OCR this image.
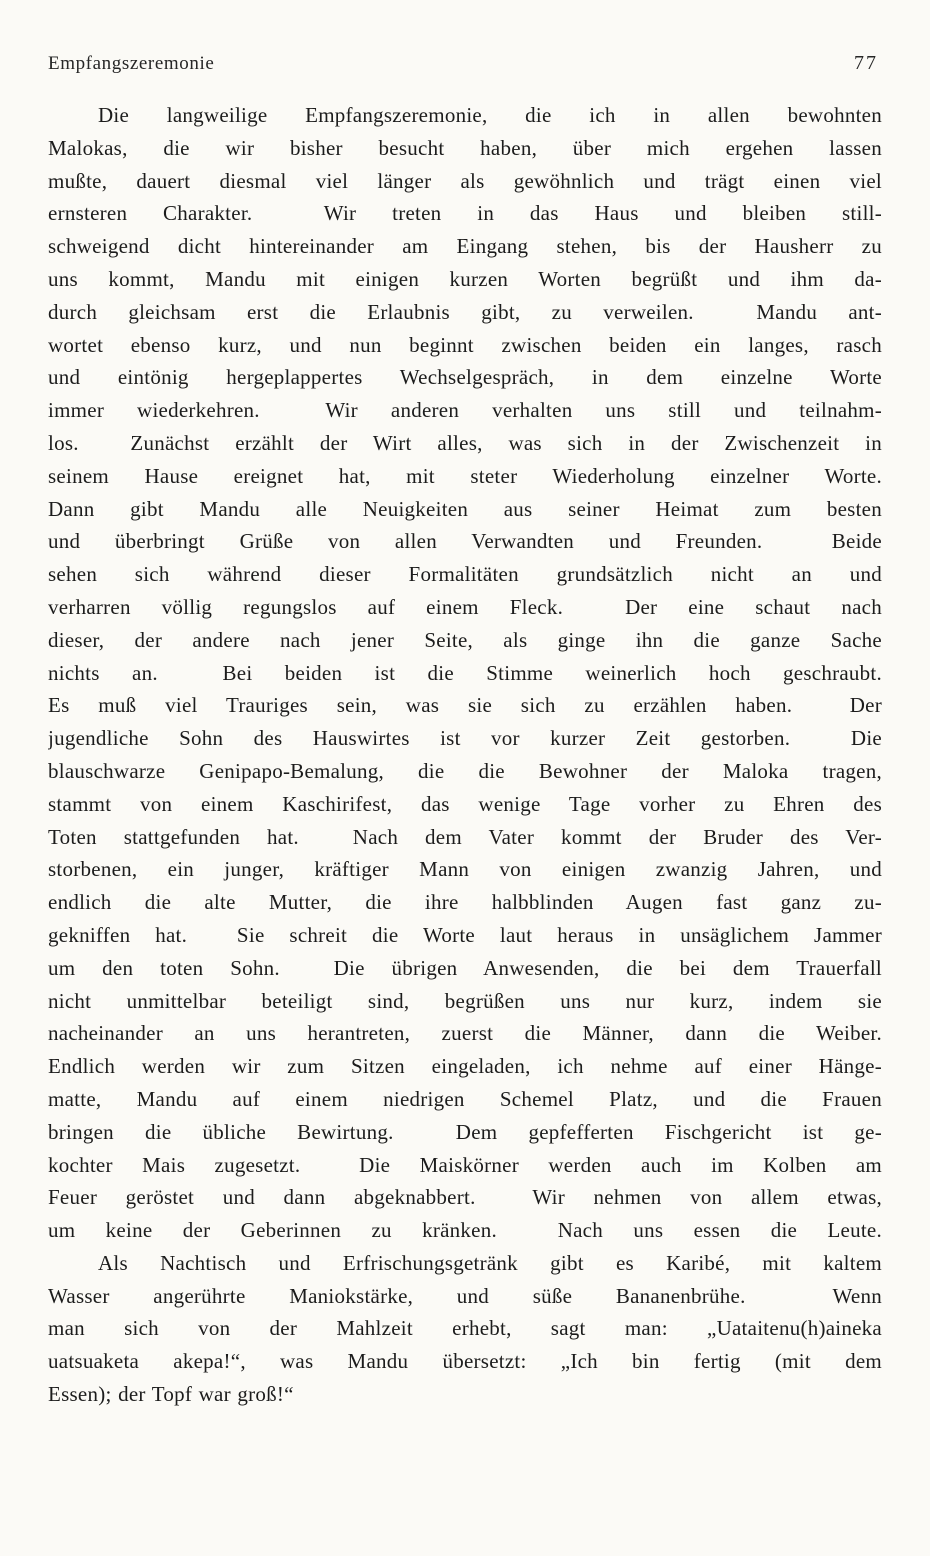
Empfangszeremonie	77
Die langweilige Empfangszeremonie, die ich in allen bewohnten
Malokas, die wir bisher besucht haben, über mich ergehen lassen
mußte, dauert diesmal viel länger als gewöhnlich und trägt einen viel
ernsteren Charakter.  Wir treten in das Haus und bleiben still-
schweigend dicht hintereinander am Eingang stehen, bis der Hausherr zu
uns kommt, Mandu mit einigen kurzen Worten begrüßt und ihm da-
durch gleichsam erst die Erlaubnis gibt, zu verweilen.  Mandu ant-
wortet ebenso kurz, und nun beginnt zwischen beiden ein langes, rasch
und eintönig hergeplappertes Wechselgespräch, in dem einzelne Worte
immer wiederkehren.  Wir anderen verhalten uns still und teilnahm-
los.  Zunächst erzählt der Wirt alles, was sich in der Zwischenzeit in
seinem Hause ereignet hat, mit steter Wiederholung einzelner Worte.
Dann gibt Mandu alle Neuigkeiten aus seiner Heimat zum besten
und überbringt Grüße von allen Verwandten und Freunden.  Beide
sehen sich während dieser Formalitäten grundsätzlich nicht an und
verharren völlig regungslos auf einem Fleck.  Der eine schaut nach
dieser, der andere nach jener Seite, als ginge ihn die ganze Sache
nichts an.  Bei beiden ist die Stimme weinerlich hoch geschraubt.
Es muß viel Trauriges sein, was sie sich zu erzählen haben.  Der
jugendliche Sohn des Hauswirtes ist vor kurzer Zeit gestorben.  Die
blauschwarze Genipapo-Bemalung, die die Bewohner der Maloka tragen,
stammt von einem Kaschirifest, das wenige Tage vorher zu Ehren des
Toten stattgefunden hat.  Nach dem Vater kommt der Bruder des Ver-
storbenen, ein junger, kräftiger Mann von einigen zwanzig Jahren, und
endlich die alte Mutter, die ihre halbblinden Augen fast ganz zu-
gekniffen hat.  Sie schreit die Worte laut heraus in unsäglichem Jammer
um den toten Sohn.  Die übrigen Anwesenden, die bei dem Trauerfall
nicht unmittelbar beteiligt sind, begrüßen uns nur kurz, indem sie
nacheinander an uns herantreten, zuerst die Männer, dann die Weiber.
Endlich werden wir zum Sitzen eingeladen, ich nehme auf einer Hänge-
matte, Mandu auf einem niedrigen Schemel Platz, und die Frauen
bringen die übliche Bewirtung.  Dem gepfefferten Fischgericht ist ge-
kochter Mais zugesetzt.  Die Maiskörner werden auch im Kolben am
Feuer geröstet und dann abgeknabbert.  Wir nehmen von allem etwas,
um keine der Geberinnen zu kränken.  Nach uns essen die Leute.
Als Nachtisch und Erfrischungsgetränk gibt es Karibé, mit kaltem
Wasser angerührte Maniokstärke, und süße Bananenbrühe.  Wenn
man sich von der Mahlzeit erhebt, sagt man: „Uataitenu(h)aineka
uatsuaketa akepa!“, was Mandu übersetzt: „Ich bin fertig (mit dem
Essen); der Topf war groß!“
